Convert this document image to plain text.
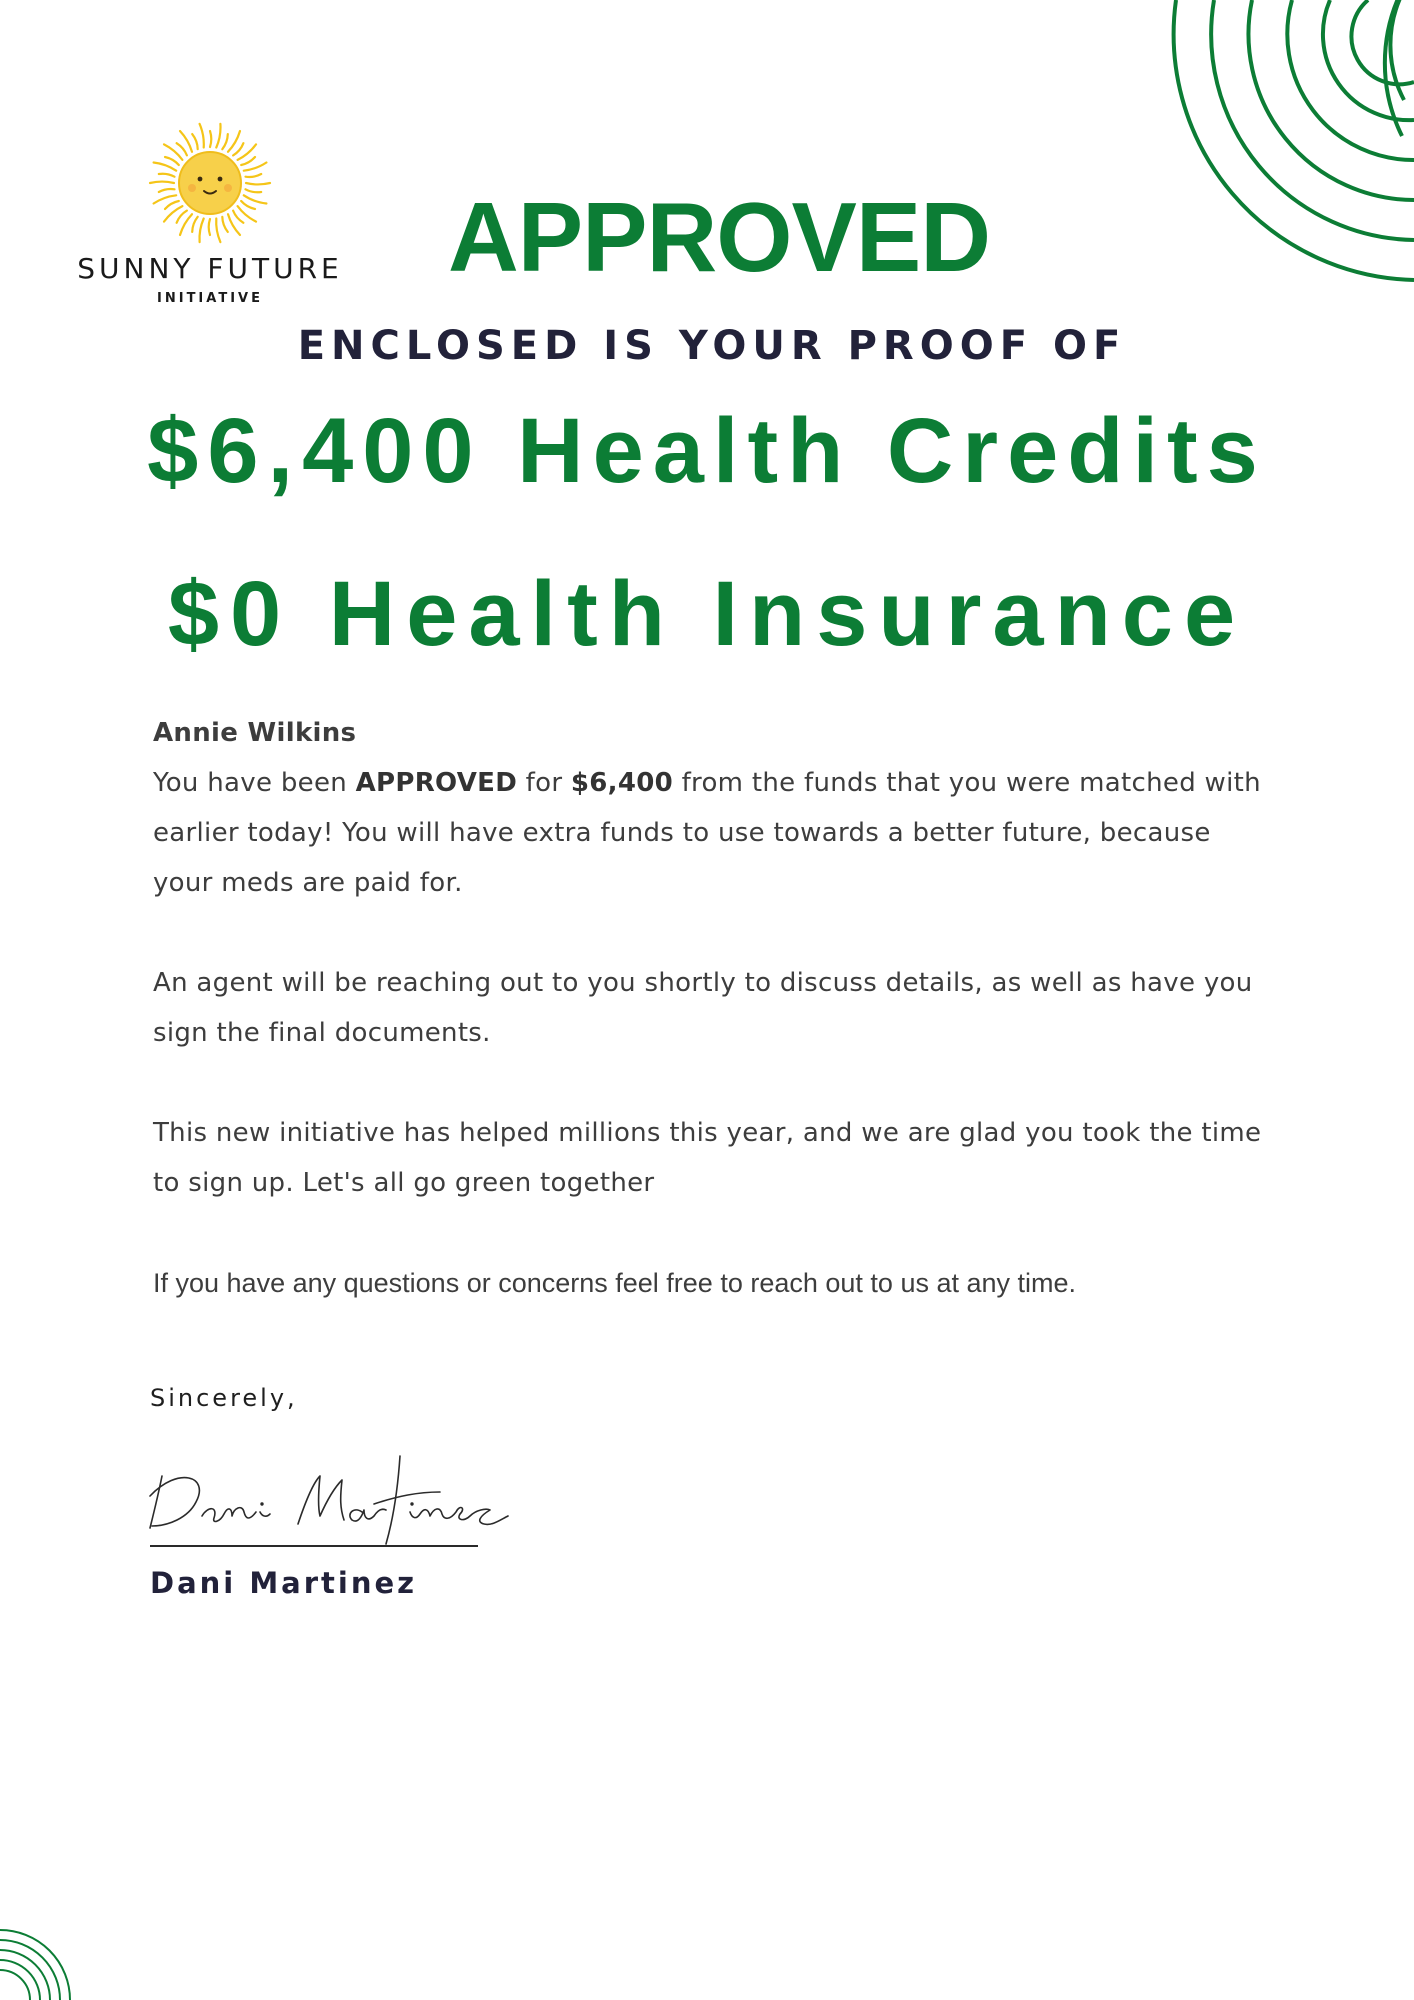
SUNNY FUTURE
INITIATIVE
APPROVED
ENCLOSED IS YOUR PROOF OF
$6,400 Health Credits
$0 Health Insurance

Annie Wilkins

You have been APPROVED for $6,400 from the funds that you were matched with earlier today! You will have extra funds to use towards a better future, because your meds are paid for.

An agent will be reaching out to you shortly to discuss details, as well as have you sign the final documents.

This new initiative has helped millions this year, and we are glad you took the time to sign up. Let's all go green together

If you have any questions or concerns feel free to reach out to us at any time.

Sincerely,
Dani Martinez
